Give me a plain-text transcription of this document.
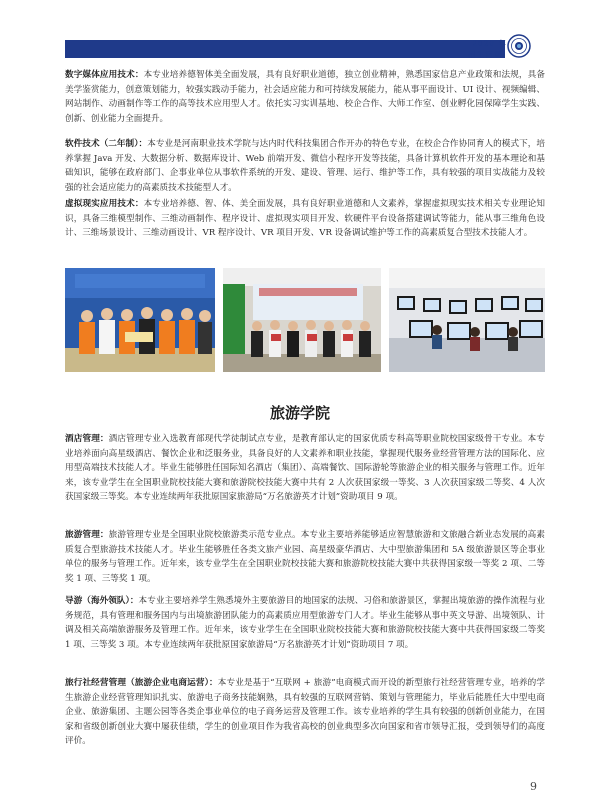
2020 年
招生简章
数字媒体应用技术：本专业培养德智体美全面发展，具有良好职业道德，独立创业精神，熟悉国家信息产业政策和法规，具备美学鉴赏能力，创意策划能力，较强实践动手能力，社会适应能力和可持续发展能力，能从事平面设计、UI 设计、视频编辑、网站制作、动画制作等工作的高等技术应用型人才。依托实习实训基地、校企合作、大师工作室、创业孵化园保障学生实践、创新、创业能力全面提升。
软件技术（二年制）：本专业是河南职业技术学院与达内时代科技集团合作开办的特色专业，在校企合作协同育人的模式下，培养掌握 Java 开发、大数据分析、数据库设计、Web 前端开发、微信小程序开发等技能，具备计算机软件开发的基本理论和基础知识，能够在政府部门、企事业单位从事软件系统的开发、建设、管理、运行、维护等工作，具有较强的项目实战能力及较强的社会适应能力的高素质技术技能型人才。
虚拟现实应用技术：本专业培养德、智、体、美全面发展，具有良好职业道德和人文素养，掌握虚拟现实技术相关专业理论知识，具备三维模型制作、三维动画制作、程序设计、虚拟现实项目开发、软硬件平台设备搭建调试等能力，能从事三维角色设计、三维场景设计、三维动画设计、VR 程序设计、VR 项目开发、VR 设备调试维护等工作的高素质复合型技术技能人才。
旅游学院
酒店管理：酒店管理专业入选教育部现代学徒制试点专业，是教育部认定的国家优质专科高等职业院校国家级骨干专业。本专业培养面向高星级酒店、餐饮企业和泛服务业，具备良好的人文素养和职业技能，掌握现代服务业经营管理方法的国际化、应用型高端技术技能人才。毕业生能够胜任国际知名酒店（集团）、高端餐饮、国际游轮等旅游企业的相关服务与管理工作。近年来，该专业学生在全国职业院校技能大赛和旅游院校技能大赛中共有 2 人次获国家级一等奖、3 人次获国家级二等奖、4 人次获国家级三等奖。本专业连续两年获批原国家旅游局“万名旅游英才计划”资助项目 9 项。
旅游管理：旅游管理专业是全国职业院校旅游类示范专业点。本专业主要培养能够适应智慧旅游和文旅融合新业态发展的高素质复合型旅游技术技能人才。毕业生能够胜任各类文旅产业园、高星级豪华酒店、大中型旅游集团和 5A 级旅游景区等企事业单位的服务与管理工作。近年来，该专业学生在全国职业院校技能大赛和旅游院校技能大赛中共获得国家级一等奖 2 项、二等奖 1 项、三等奖 1 项。
导游（海外领队）：本专业主要培养学生熟悉境外主要旅游目的地国家的法规、习俗和旅游景区，掌握出境旅游的操作流程与业务规范，具有管理和服务国内与出境旅游团队能力的高素质应用型旅游专门人才。毕业生能够从事中英文导游、出境领队、计调及相关高端旅游服务及管理工作。近年来，该专业学生在全国职业院校技能大赛和旅游院校技能大赛中共获得国家级二等奖 1 项、三等奖 3 项。本专业连续两年获批原国家旅游局“万名旅游英才计划”资助项目 7 项。
旅行社经营管理（旅游企业电商运营）：本专业是基于“互联网 + 旅游”电商模式而开设的新型旅行社经营管理专业，培养的学生旅游企业经营管理知识扎实、旅游电子商务技能娴熟，具有较强的互联网营销、策划与管理能力，毕业后能胜任大中型电商企业、旅游集团、主题公园等各类企事业单位的电子商务运营及管理工作。该专业培养的学生具有较强的创新创业能力，在国家和省级创新创业大赛中屡获佳绩，学生的创业项目作为我省高校的创业典型多次向国家和省市领导汇报，受到领导们的高度评价。
9
